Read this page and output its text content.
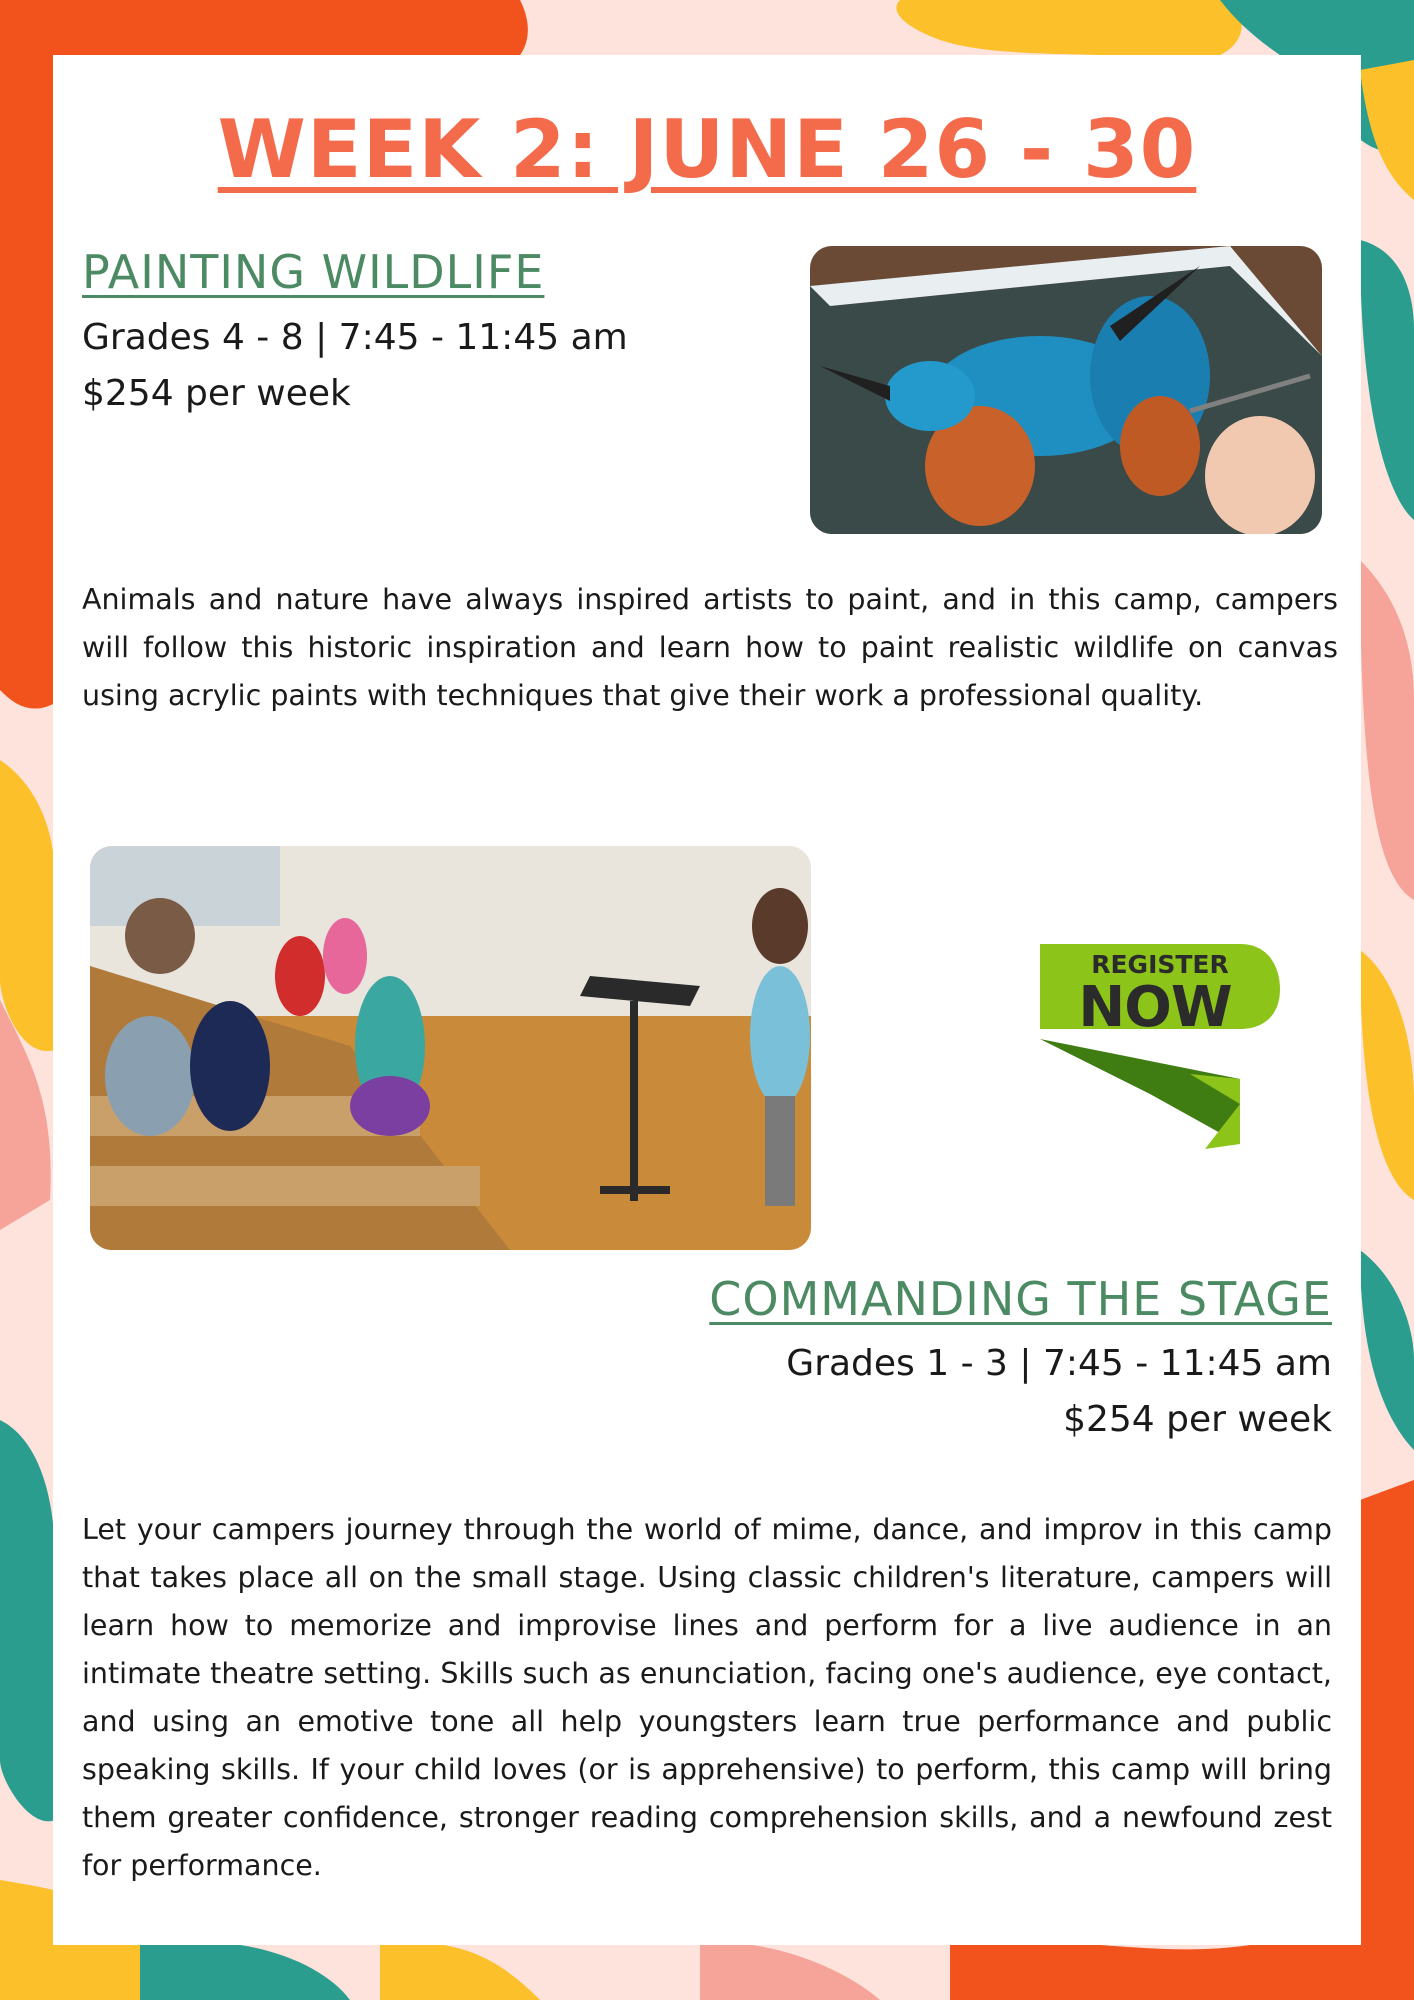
WEEK 2: JUNE 26 - 30
PAINTING WILDLIFE

Grades 4 - 8 | 7:45 - 11:45 am

$254 per week

Animals and nature have always inspired artists to paint, and in this camp, campers will follow this historic inspiration and learn how to paint realistic wildlife on canvas using acrylic paints with techniques that give their work a professional quality.

REGISTER
NOW
COMMANDING THE STAGE

Grades 1 - 3 | 7:45 - 11:45 am

$254 per week

Let your campers journey through the world of mime, dance, and improv in this camp that takes place all on the small stage. Using classic children's literature, campers will learn how to memorize and improvise lines and perform for a live audience in an intimate theatre setting. Skills such as enunciation, facing one's audience, eye contact, and using an emotive tone all help youngsters learn true performance and public speaking skills. If your child loves (or is apprehensive) to perform, this camp will bring them greater confidence, stronger reading comprehension skills, and a newfound zest for performance.
